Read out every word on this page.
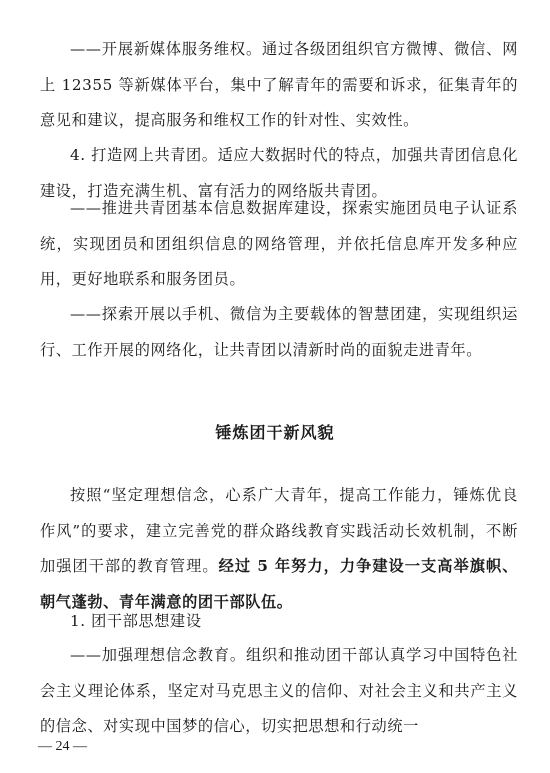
——开展新媒体服务维权。通过各级团组织官方微博、微信、网上 12355 等新媒体平台，集中了解青年的需要和诉求，征集青年的意见和建议，提高服务和维权工作的针对性、实效性。

4. 打造网上共青团。适应大数据时代的特点，加强共青团信息化建设，打造充满生机、富有活力的网络版共青团。

——推进共青团基本信息数据库建设，探索实施团员电子认证系统，实现团员和团组织信息的网络管理，并依托信息库开发多种应用，更好地联系和服务团员。

——探索开展以手机、微信为主要载体的智慧团建，实现组织运行、工作开展的网络化，让共青团以清新时尚的面貌走进青年。

锤炼团干新风貌

按照“坚定理想信念，心系广大青年，提高工作能力，锤炼优良作风”的要求，建立完善党的群众路线教育实践活动长效机制，不断加强团干部的教育管理。经过 5 年努力，力争建设一支高举旗帜、朝气蓬勃、青年满意的团干部队伍。

1. 团干部思想建设

——加强理想信念教育。组织和推动团干部认真学习中国特色社会主义理论体系，坚定对马克思主义的信仰、对社会主义和共产主义的信念、对实现中国梦的信心，切实把思想和行动统一

— 24 —
